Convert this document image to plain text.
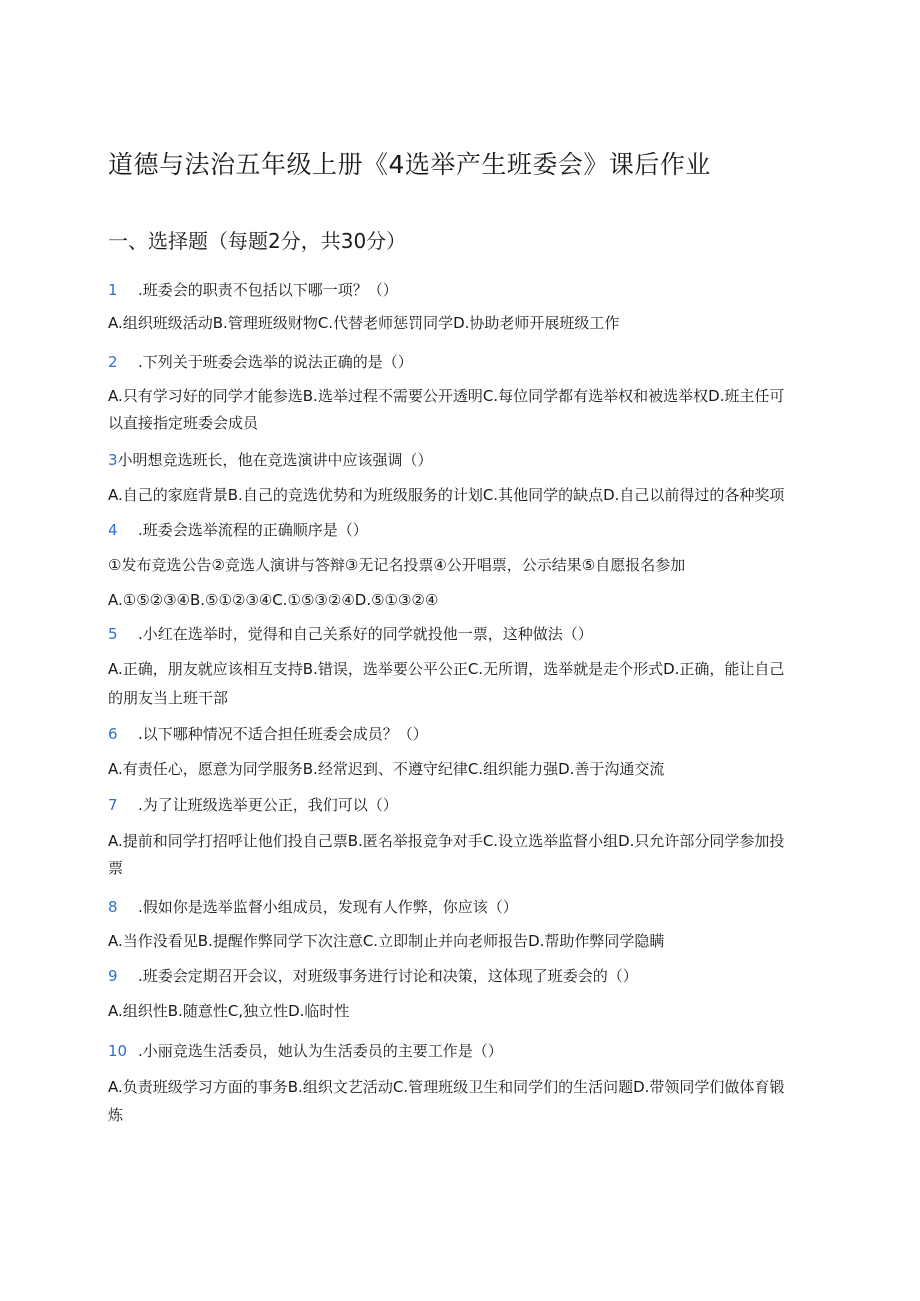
道德与法治五年级上册《4选举产生班委会》课后作业
一、选择题（每题2分，共30分）
1 .班委会的职责不包括以下哪一项？（）
A.组织班级活动B.管理班级财物C.代替老师惩罚同学D.协助老师开展班级工作
2 .下列关于班委会选举的说法正确的是（）
A.只有学习好的同学才能参选B.选举过程不需要公开透明C.每位同学都有选举权和被选举权D.班主任可
以直接指定班委会成员
3小明想竞选班长，他在竞选演讲中应该强调（）
A.自己的家庭背景B.自己的竞选优势和为班级服务的计划C.其他同学的缺点D.自己以前得过的各种奖项
4 .班委会选举流程的正确顺序是（）
①发布竞选公告②竞选人演讲与答辩③无记名投票④公开唱票，公示结果⑤自愿报名参加
A.①⑤②③④B.⑤①②③④C.①⑤③②④D.⑤①③②④
5 .小红在选举时，觉得和自己关系好的同学就投他一票，这种做法（）
A.正确，朋友就应该相互支持B.错误，选举要公平公正C.无所谓，选举就是走个形式D.正确，能让自己
的朋友当上班干部
6 .以下哪种情况不适合担任班委会成员？（）
A.有责任心，愿意为同学服务B.经常迟到、不遵守纪律C.组织能力强D.善于沟通交流
7 .为了让班级选举更公正，我们可以（）
A.提前和同学打招呼让他们投自己票B.匿名举报竞争对手C.设立选举监督小组D.只允许部分同学参加投
票
8 .假如你是选举监督小组成员，发现有人作弊，你应该（）
A.当作没看见B.提醒作弊同学下次注意C.立即制止并向老师报告D.帮助作弊同学隐瞒
9 .班委会定期召开会议，对班级事务进行讨论和决策，这体现了班委会的（）
A.组织性B.随意性C,独立性D.临时性
10 .小丽竞选生活委员，她认为生活委员的主要工作是（）
A.负责班级学习方面的事务B.组织文艺活动C.管理班级卫生和同学们的生活问题D.带领同学们做体育锻
炼
